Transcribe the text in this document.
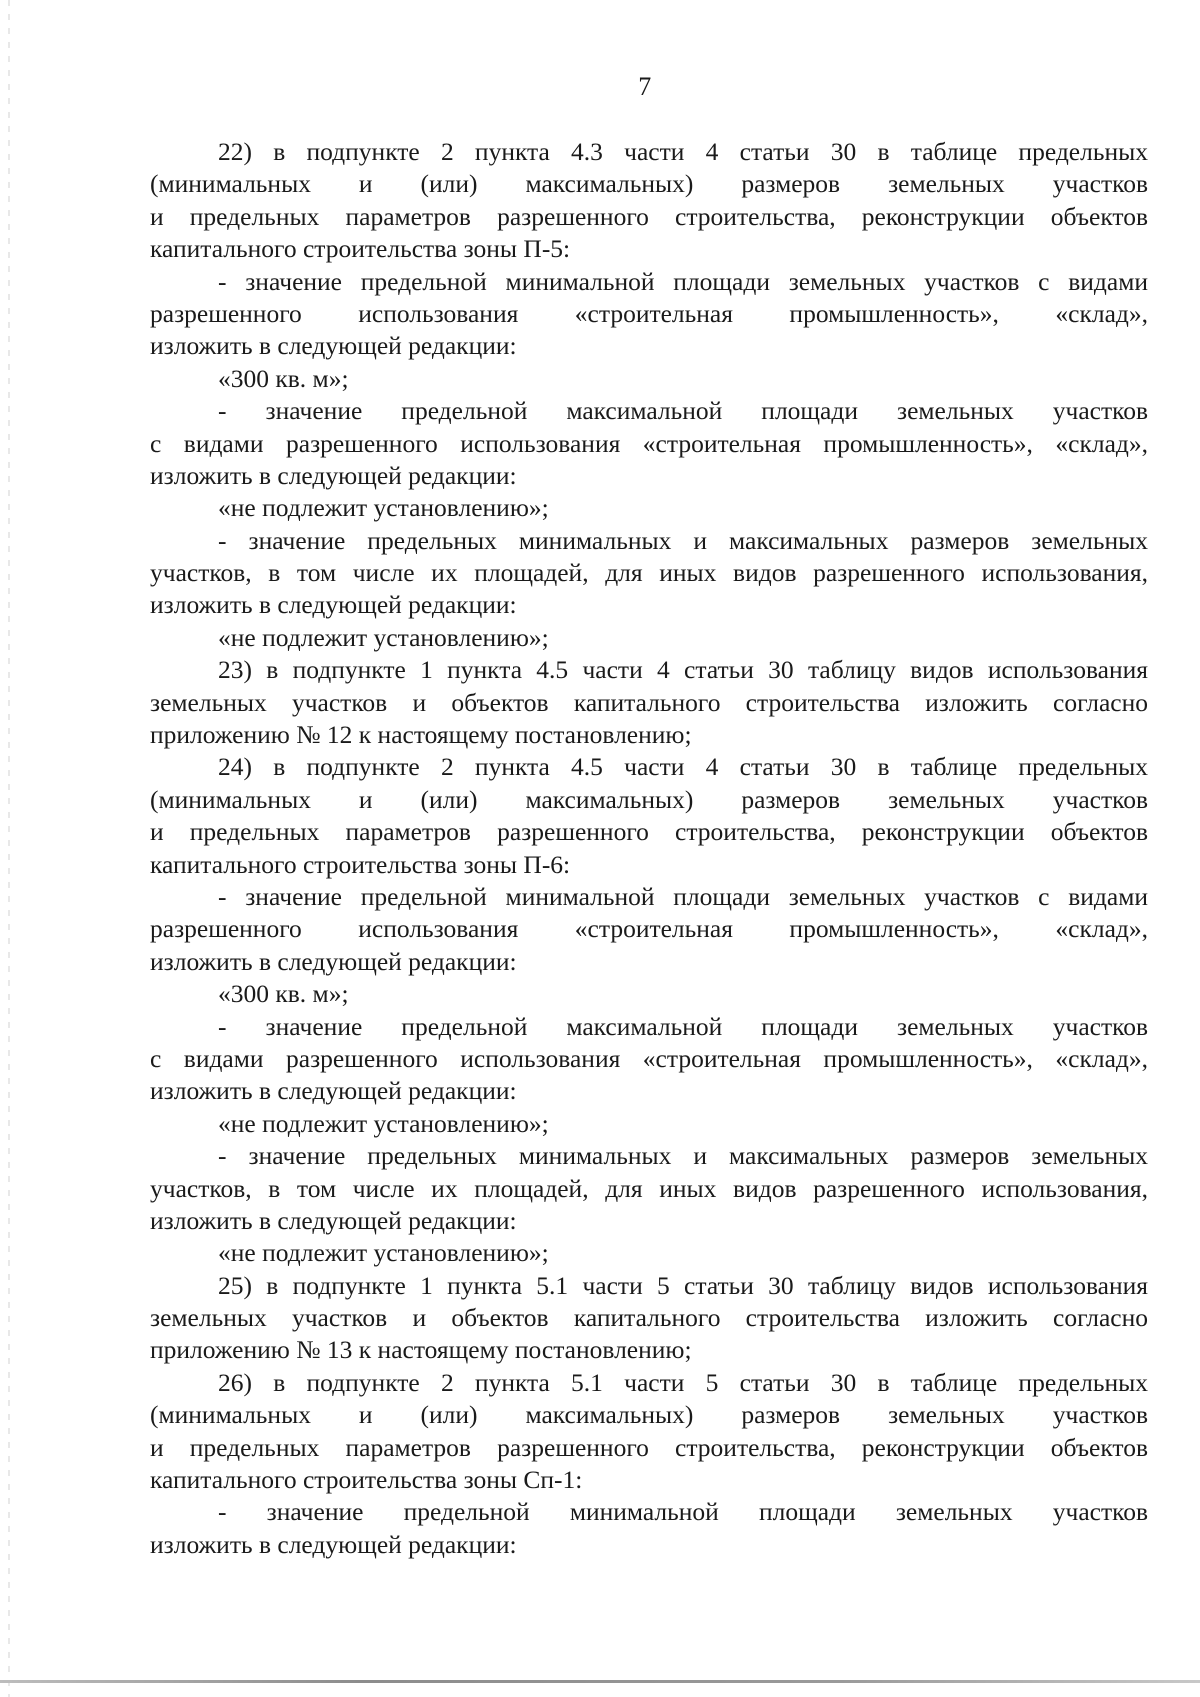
7
22) в подпункте 2 пункта 4.3 части 4 статьи 30 в таблице предельных
(минимальных и (или) максимальных) размеров земельных участков
и предельных параметров разрешенного строительства, реконструкции объектов
капитального строительства зоны П-5:
- значение предельной минимальной площади земельных участков с видами
разрешенного использования «строительная промышленность», «склад»,
изложить в следующей редакции:
«300 кв. м»;
- значение предельной максимальной площади земельных участков
с видами разрешенного использования «строительная промышленность», «склад»,
изложить в следующей редакции:
«не подлежит установлению»;
- значение предельных минимальных и максимальных размеров земельных
участков, в том числе их площадей, для иных видов разрешенного использования,
изложить в следующей редакции:
«не подлежит установлению»;
23) в подпункте 1 пункта 4.5 части 4 статьи 30 таблицу видов использования
земельных участков и объектов капитального строительства изложить согласно
приложению № 12 к настоящему постановлению;
24) в подпункте 2 пункта 4.5 части 4 статьи 30 в таблице предельных
(минимальных и (или) максимальных) размеров земельных участков
и предельных параметров разрешенного строительства, реконструкции объектов
капитального строительства зоны П-6:
- значение предельной минимальной площади земельных участков с видами
разрешенного использования «строительная промышленность», «склад»,
изложить в следующей редакции:
«300 кв. м»;
- значение предельной максимальной площади земельных участков
с видами разрешенного использования «строительная промышленность», «склад»,
изложить в следующей редакции:
«не подлежит установлению»;
- значение предельных минимальных и максимальных размеров земельных
участков, в том числе их площадей, для иных видов разрешенного использования,
изложить в следующей редакции:
«не подлежит установлению»;
25) в подпункте 1 пункта 5.1 части 5 статьи 30 таблицу видов использования
земельных участков и объектов капитального строительства изложить согласно
приложению № 13 к настоящему постановлению;
26) в подпункте 2 пункта 5.1 части 5 статьи 30 в таблице предельных
(минимальных и (или) максимальных) размеров земельных участков
и предельных параметров разрешенного строительства, реконструкции объектов
капитального строительства зоны Сп-1:
- значение предельной минимальной площади земельных участков
изложить в следующей редакции:
